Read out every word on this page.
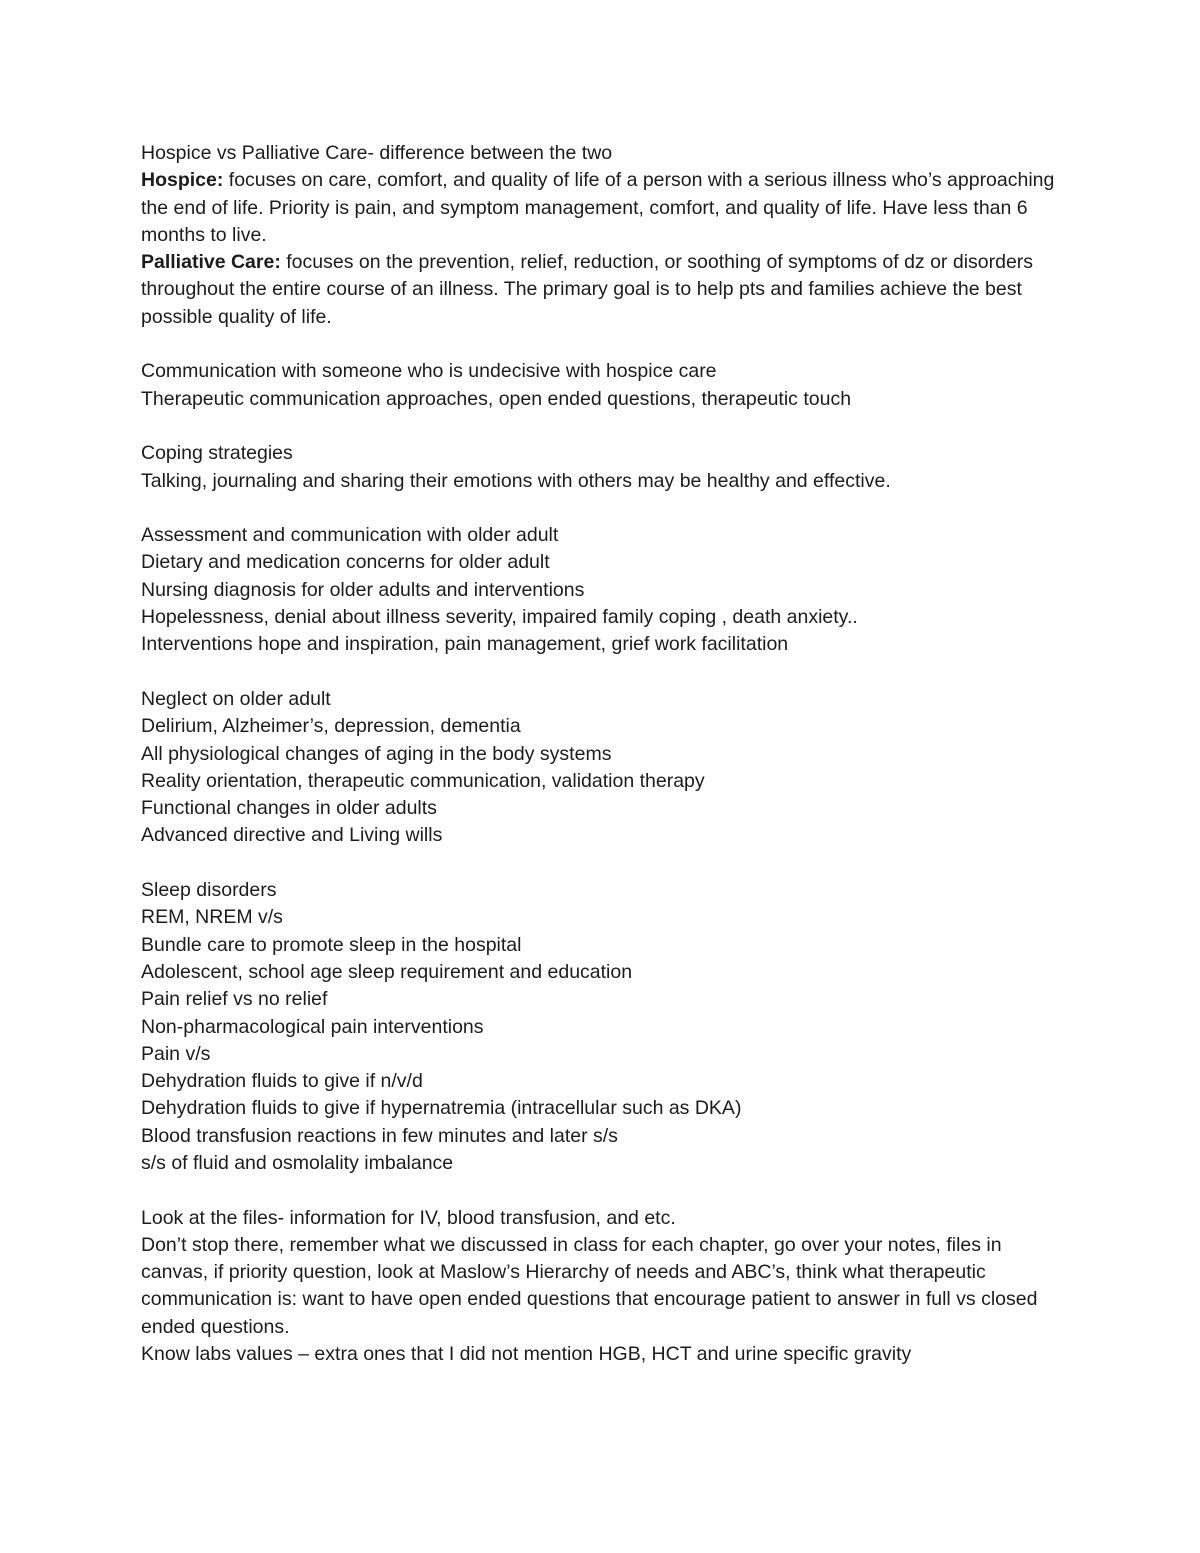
Hospice vs Palliative Care- difference between the two
Hospice: focuses on care, comfort, and quality of life of a person with a serious illness who’s approaching the end of life. Priority is pain, and symptom management, comfort, and quality of life. Have less than 6 months to live.
Palliative Care: focuses on the prevention, relief, reduction, or soothing of symptoms of dz or disorders throughout the entire course of an illness. The primary goal is to help pts and families achieve the best possible quality of life.
Communication with someone who is undecisive with hospice care
Therapeutic communication approaches, open ended questions, therapeutic touch
Coping strategies
Talking, journaling and sharing their emotions with others may be healthy and effective.
Assessment and communication with older adult
Dietary and medication concerns for older adult
Nursing diagnosis for older adults and interventions
Hopelessness, denial about illness severity, impaired family coping , death anxiety..
Interventions hope and inspiration, pain management, grief work facilitation
Neglect on older adult
Delirium, Alzheimer’s, depression, dementia
All physiological changes of aging in the body systems
Reality orientation, therapeutic communication, validation therapy
Functional changes in older adults
Advanced directive and Living wills
Sleep disorders
REM, NREM v/s
Bundle care to promote sleep in the hospital
Adolescent, school age sleep requirement and education
Pain relief vs no relief
Non-pharmacological pain interventions
Pain v/s
Dehydration fluids to give if n/v/d
Dehydration fluids to give if hypernatremia (intracellular such as DKA)
Blood transfusion reactions in few minutes and later s/s
s/s of fluid and osmolality imbalance
Look at the files- information for IV, blood transfusion, and etc.
Don’t stop there, remember what we discussed in class for each chapter, go over your notes, files in canvas, if priority question, look at Maslow’s Hierarchy of needs and ABC’s, think what therapeutic communication is: want to have open ended questions that encourage patient to answer in full vs closed ended questions.
Know labs values – extra ones that I did not mention HGB, HCT and urine specific gravity
